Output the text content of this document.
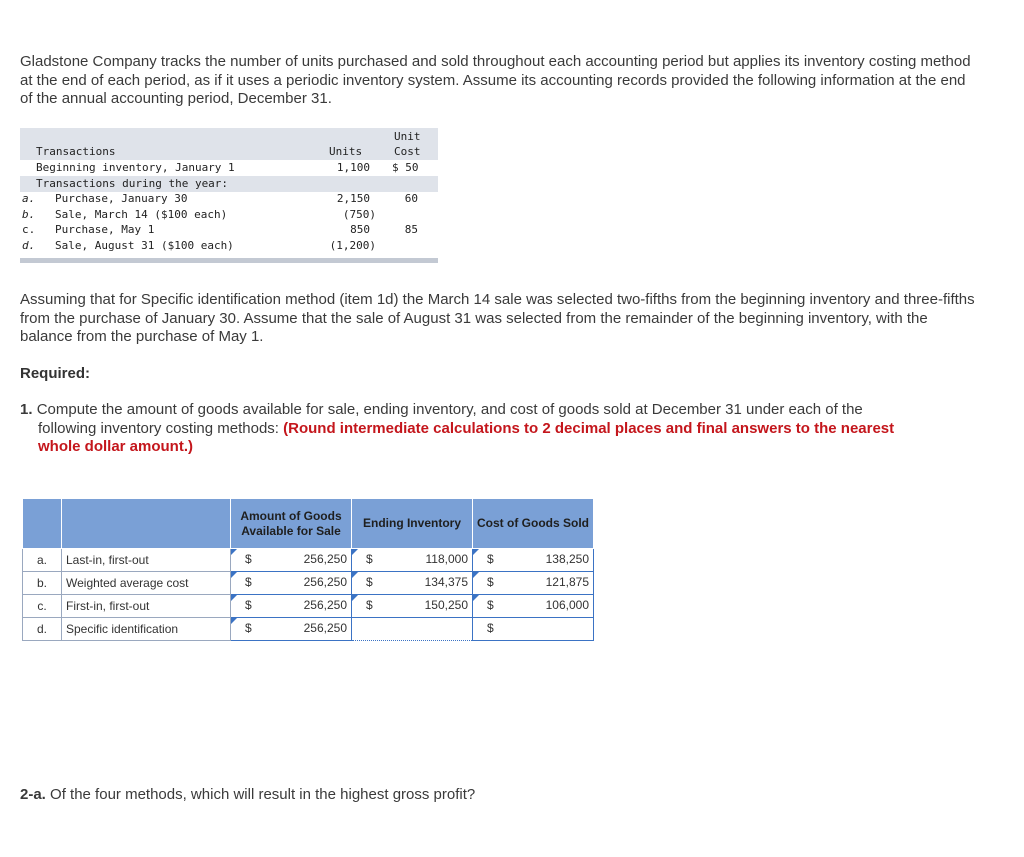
Gladstone Company tracks the number of units purchased and sold throughout each accounting period but applies its inventory costing method at the end of each period, as if it uses a periodic inventory system. Assume its accounting records provided the following information at the end of the annual accounting period, December 31.
Unit
Transactions	Units	Cost
Beginning inventory, January 1	1,100 $ 50
Transactions during the year:
a. Purchase, January 30	2,150	60
b. Sale, March 14 ($100 each)	(750)
c. Purchase, May 1	850	85
d. Sale, August 31 ($100 each)	(1,200)
Assuming that for Specific identification method (item 1d) the March 14 sale was selected two-fifths from the beginning inventory and three-fifths from the purchase of January 30. Assume that the sale of August 31 was selected from the remainder of the beginning inventory, with the balance from the purchase of May 1.
Required:
1. Compute the amount of goods available for sale, ending inventory, and cost of goods sold at December 31 under each of the
following inventory costing methods: (Round intermediate calculations to 2 decimal places and final answers to the nearest
whole dollar amount.)
		Amount of Goods Available for Sale	Ending Inventory	Cost of Goods Sold
a.	Last-in, first-out	$ 256,250	$ 118,000	$ 138,250

b.	Weighted average cost	$ 256,250	$ 134,375	$ 121,875

c.	First-in, first-out	$ 256,250	$ 150,250	$ 106,000

d.	Specific identification	$ 256,250		$
2-a. Of the four methods, which will result in the highest gross profit?
